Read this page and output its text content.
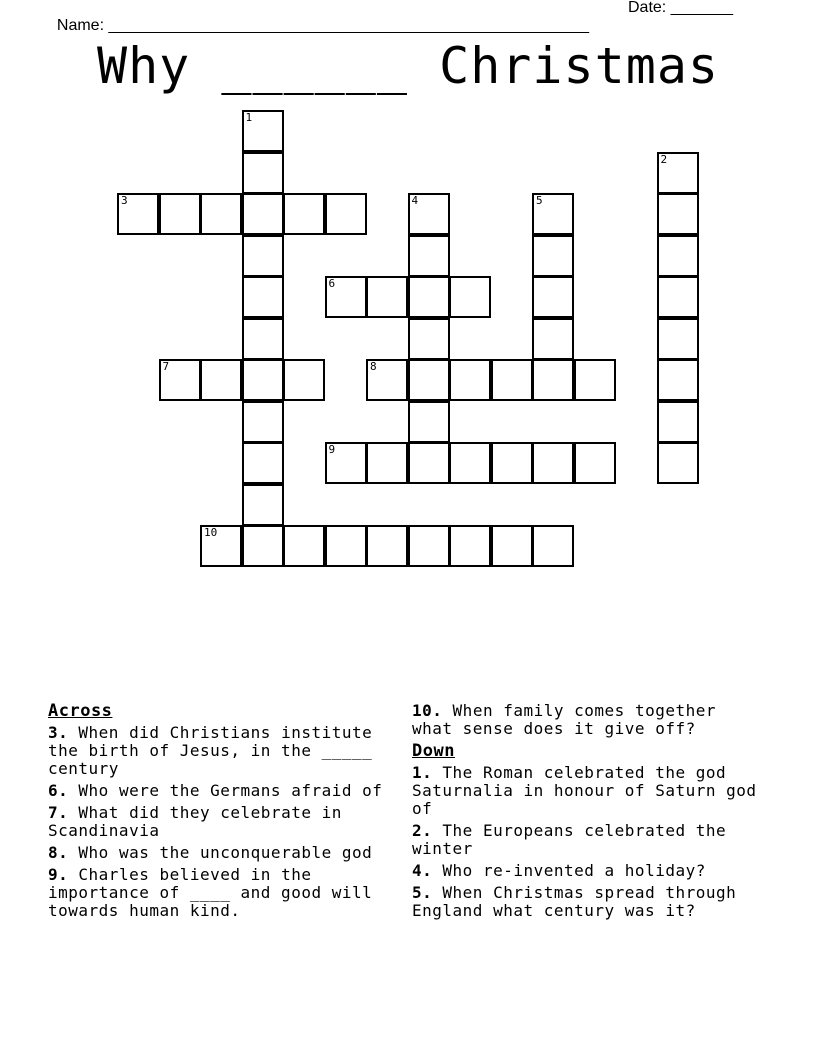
Name: ______________________________________________________

Date: _______

Why ______ Christmas
1
2
3	4	5
6
7	8
9
10
Across
3. When did Christians institute the birth of Jesus, in the _____ century
6. Who were the Germans afraid of
7. What did they celebrate in Scandinavia
8. Who was the unconquerable god
9. Charles believed in the importance of ____ and good will towards human kind.
10. When family comes together what sense does it give off?
Down
1. The Roman celebrated the god Saturnalia in honour of Saturn god of
2. The Europeans celebrated the winter
4. Who re-invented a holiday?
5. When Christmas spread through England what century was it?
